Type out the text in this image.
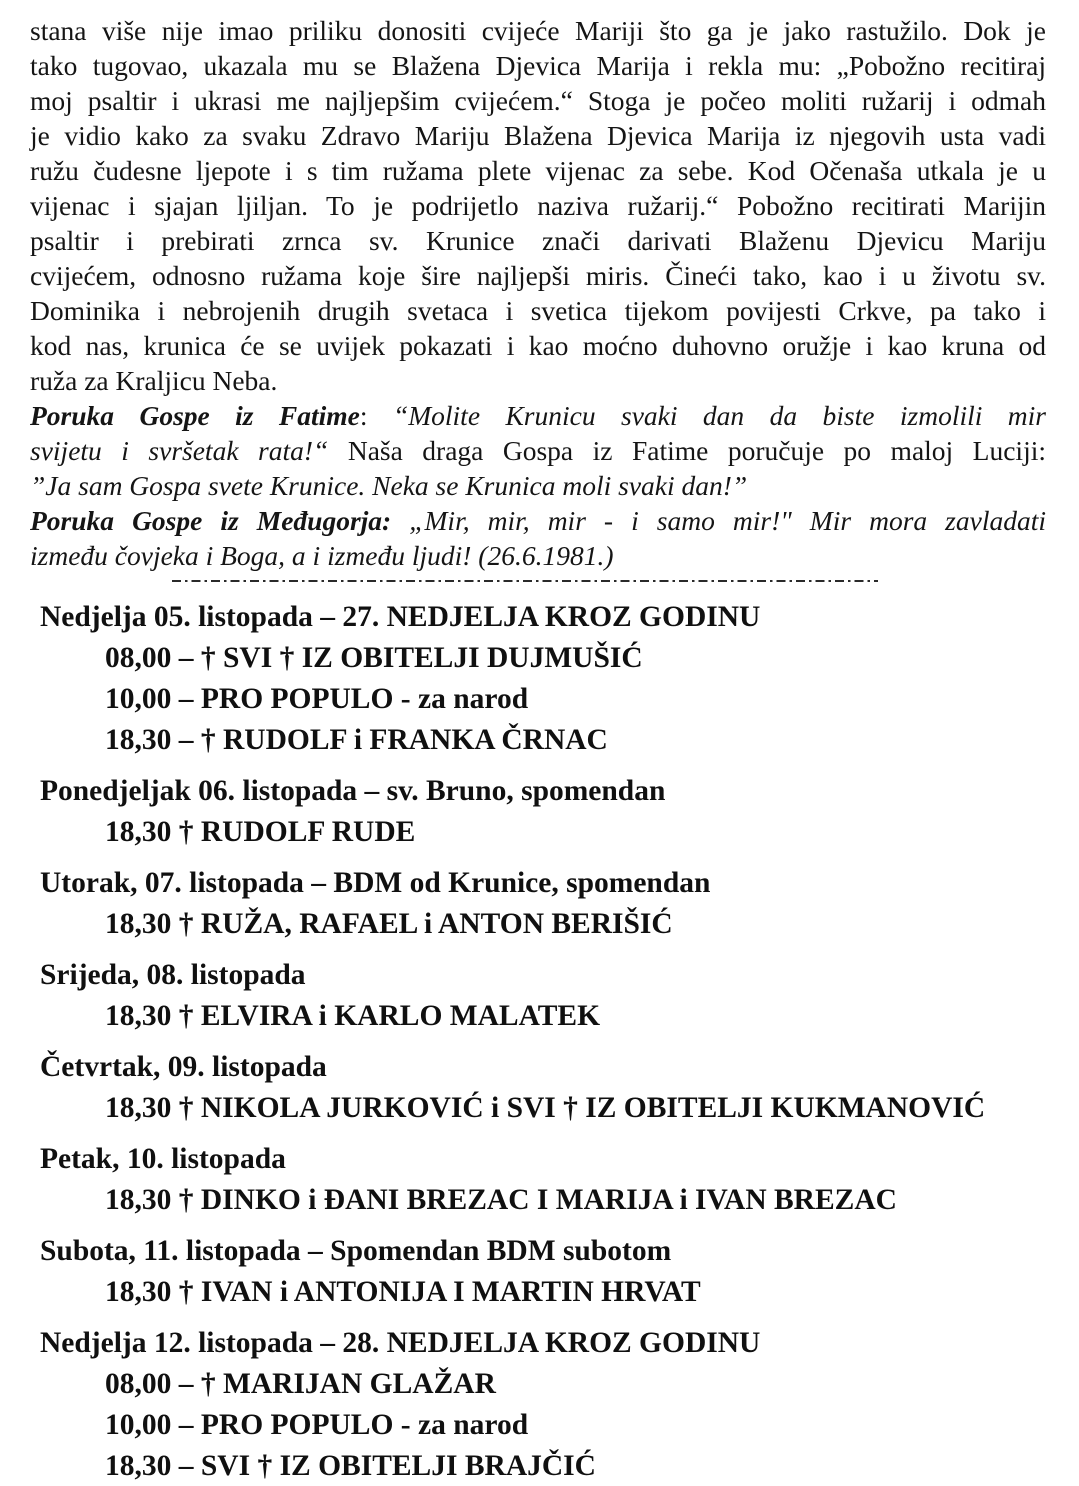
stana više nije imao priliku donositi cvijeće Mariji što ga je jako rastužilo. Dok je
tako tugovao, ukazala mu se Blažena Djevica Marija i rekla mu: „Pobožno recitiraj
moj psaltir i ukrasi me najljepšim cvijećem.“ Stoga je počeo moliti ružarij i odmah
je vidio kako za svaku Zdravo Mariju Blažena Djevica Marija iz njegovih usta vadi
ružu čudesne ljepote i s tim ružama plete vijenac za sebe. Kod Očenaša utkala je u
vijenac i sjajan ljiljan. To je podrijetlo naziva ružarij.“ Pobožno recitirati Marijin
psaltir i prebirati zrnca sv. Krunice znači darivati Blaženu Djevicu Mariju
cvijećem, odnosno ružama koje šire najljepši miris. Čineći tako, kao i u životu sv.
Dominika i nebrojenih drugih svetaca i svetica tijekom povijesti Crkve, pa tako i
kod nas, krunica će se uvijek pokazati i kao moćno duhovno oružje i kao kruna od
ruža za Kraljicu Neba.
Poruka Gospe iz Fatime: “Molite Krunicu svaki dan da biste izmolili mir
svijetu i svršetak rata!“ Naša draga Gospa iz Fatime poručuje po maloj Luciji:
”Ja sam Gospa svete Krunice. Neka se Krunica moli svaki dan!”
Poruka Gospe iz Međugorja: „Mir, mir, mir - i samo mir!" Mir mora zavladati
između čovjeka i Boga, a i između ljudi! (26.6.1981.)
Nedjelja 05. listopada – 27. NEDJELJA KROZ GODINU
08,00 – † SVI † IZ OBITELJI DUJMUŠIĆ
10,00 – PRO POPULO - za narod
18,30 – † RUDOLF i FRANKA ČRNAC
Ponedjeljak 06. listopada – sv. Bruno, spomendan
18,30 † RUDOLF RUDE
Utorak, 07. listopada – BDM od Krunice, spomendan
18,30 † RUŽA, RAFAEL i ANTON BERIŠIĆ
Srijeda, 08. listopada
18,30 † ELVIRA i KARLO MALATEK
Četvrtak, 09. listopada
18,30 † NIKOLA JURKOVIĆ i SVI † IZ OBITELJI KUKMANOVIĆ
Petak, 10. listopada
18,30 † DINKO i ĐANI BREZAC I MARIJA i IVAN BREZAC
Subota, 11. listopada – Spomendan BDM subotom
18,30 † IVAN i ANTONIJA I MARTIN HRVAT
Nedjelja 12. listopada – 28. NEDJELJA KROZ GODINU
08,00 – † MARIJAN GLAŽAR
10,00 – PRO POPULO - za narod
18,30 – SVI † IZ OBITELJI BRAJČIĆ
